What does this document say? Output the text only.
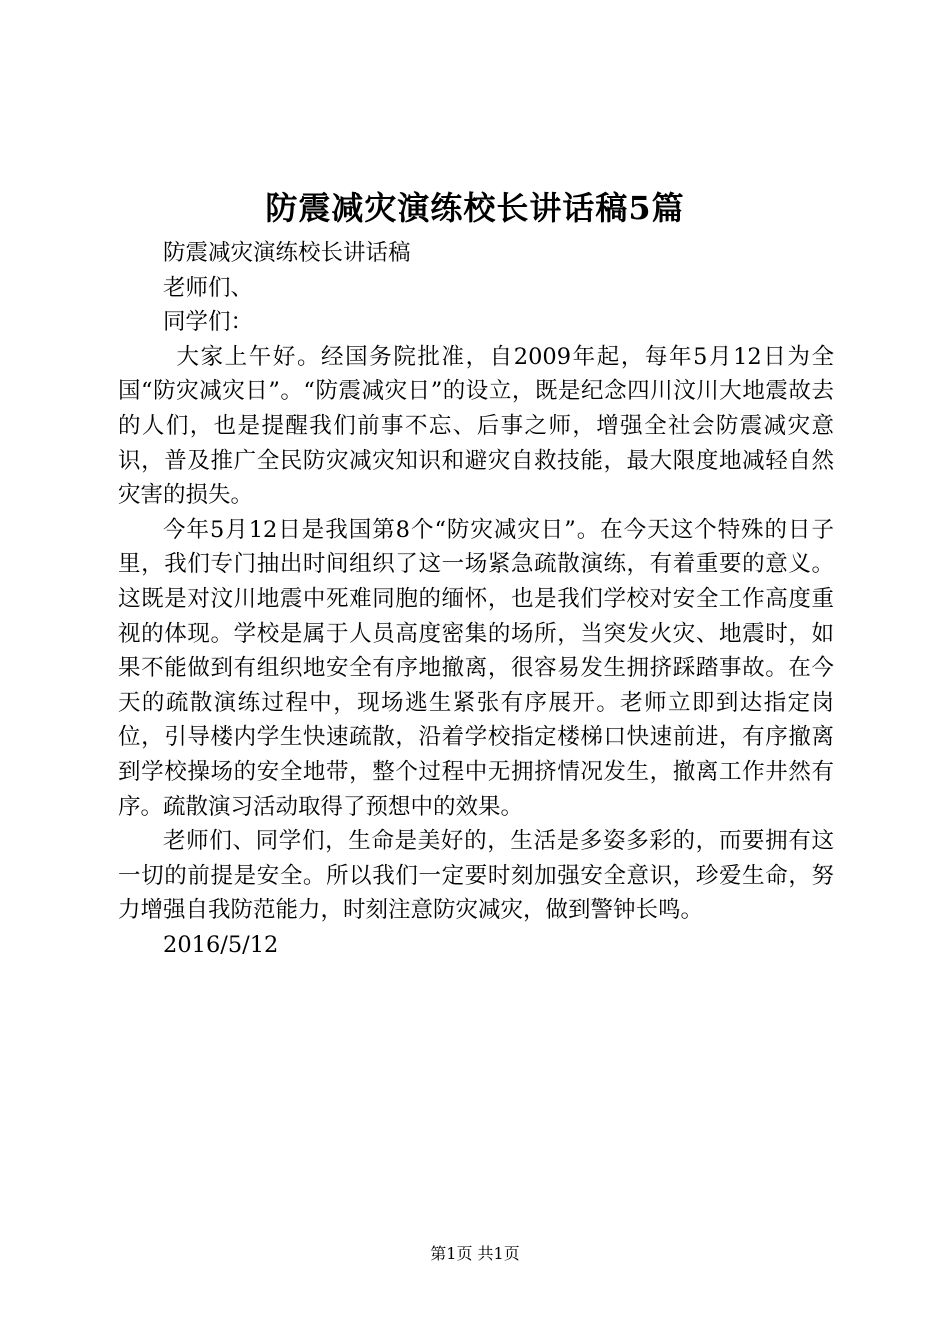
防震减灾演练校长讲话稿5篇

防震减灾演练校长讲话稿

老师们、

同学们：

大家上午好。经国务院批准，自2009年起，每年5月12日为全国“防灾减灾日”。“防震减灾日”的设立，既是纪念四川汶川大地震故去的人们，也是提醒我们前事不忘、后事之师，增强全社会防震减灾意识，普及推广全民防灾减灾知识和避灾自救技能，最大限度地减轻自然灾害的损失。

今年5月12日是我国第8个“防灾减灾日”。在今天这个特殊的日子里，我们专门抽出时间组织了这一场紧急疏散演练，有着重要的意义。这既是对汶川地震中死难同胞的缅怀，也是我们学校对安全工作高度重视的体现。学校是属于人员高度密集的场所，当突发火灾、地震时，如果不能做到有组织地安全有序地撤离，很容易发生拥挤踩踏事故。在今天的疏散演练过程中，现场逃生紧张有序展开。老师立即到达指定岗位，引导楼内学生快速疏散，沿着学校指定楼梯口快速前进，有序撤离到学校操场的安全地带，整个过程中无拥挤情况发生，撤离工作井然有序。疏散演习活动取得了预想中的效果。

老师们、同学们，生命是美好的，生活是多姿多彩的，而要拥有这一切的前提是安全。所以我们一定要时刻加强安全意识，珍爱生命，努力增强自我防范能力，时刻注意防灾减灾，做到警钟长鸣。

2016/5/12

第1页 共1页
